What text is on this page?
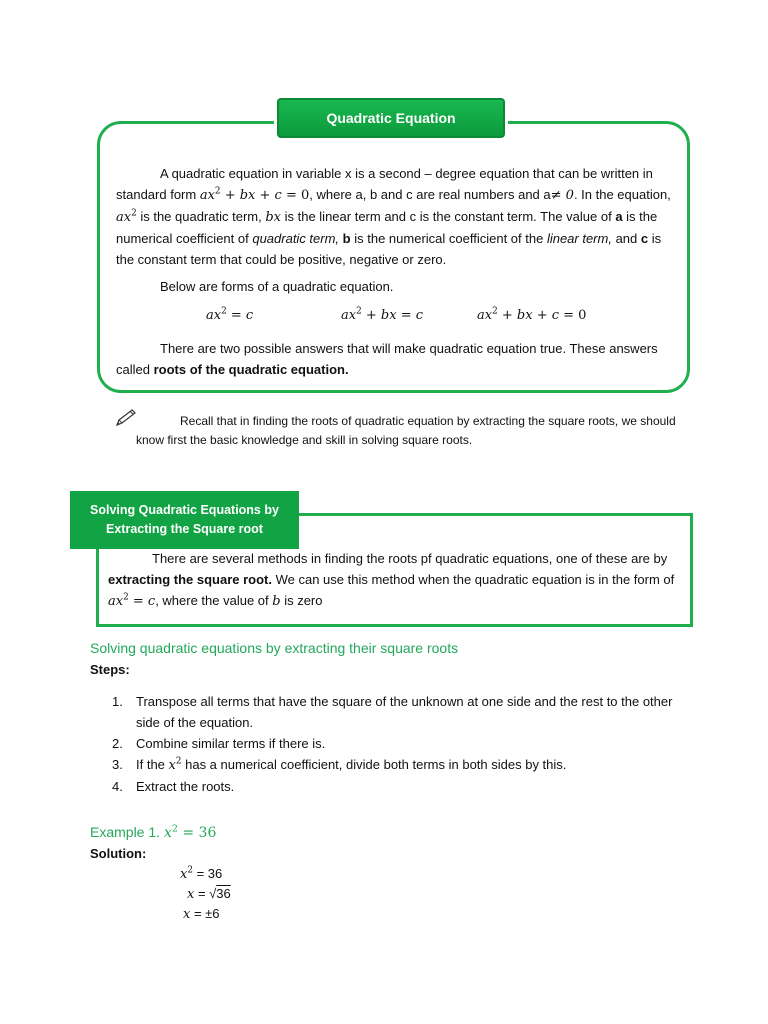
Quadratic Equation

A quadratic equation in variable x is a second – degree equation that can be written in standard form $ax^2$ + bx + c = 0, where a, b and c are real numbers and a≠ 0. In the equation, $ax^2$ is the quadratic term, bx is the linear term and c is the constant term. The value of a is the numerical coefficient of quadratic term, b is the numerical coefficient of the linear term, and c is the constant term that could be positive, negative or zero.

Below are forms of a quadratic equation.

$ax^2 = c$	$ax^2$ + bx = c	$ax^2$ + bx + c = 0

There are two possible answers that will make quadratic equation true. These answers called roots of the quadratic equation.

Recall that in finding the roots of quadratic equation by extracting the square roots, we should know first the basic knowledge and skill in solving square roots.

Solving Quadratic Equations by
Extracting the Square root

There are several methods in finding the roots pf quadratic equations, one of these are by extracting the square root. We can use this method when the quadratic equation is in the form of $ax^2 = c$, where the value of b is zero

Solving quadratic equations by extracting their square roots

Steps:

1. Transpose all terms that have the square of the unknown at one side and the rest to the other side of the equation.
2. Combine similar terms if there is.
3. If the $x^2$ has a numerical coefficient, divide both terms in both sides by this.
4. Extract the roots.

Example 1. $x^2 = 36$

Solution:

$x^2 = 36$

x = √36

x = ±6
